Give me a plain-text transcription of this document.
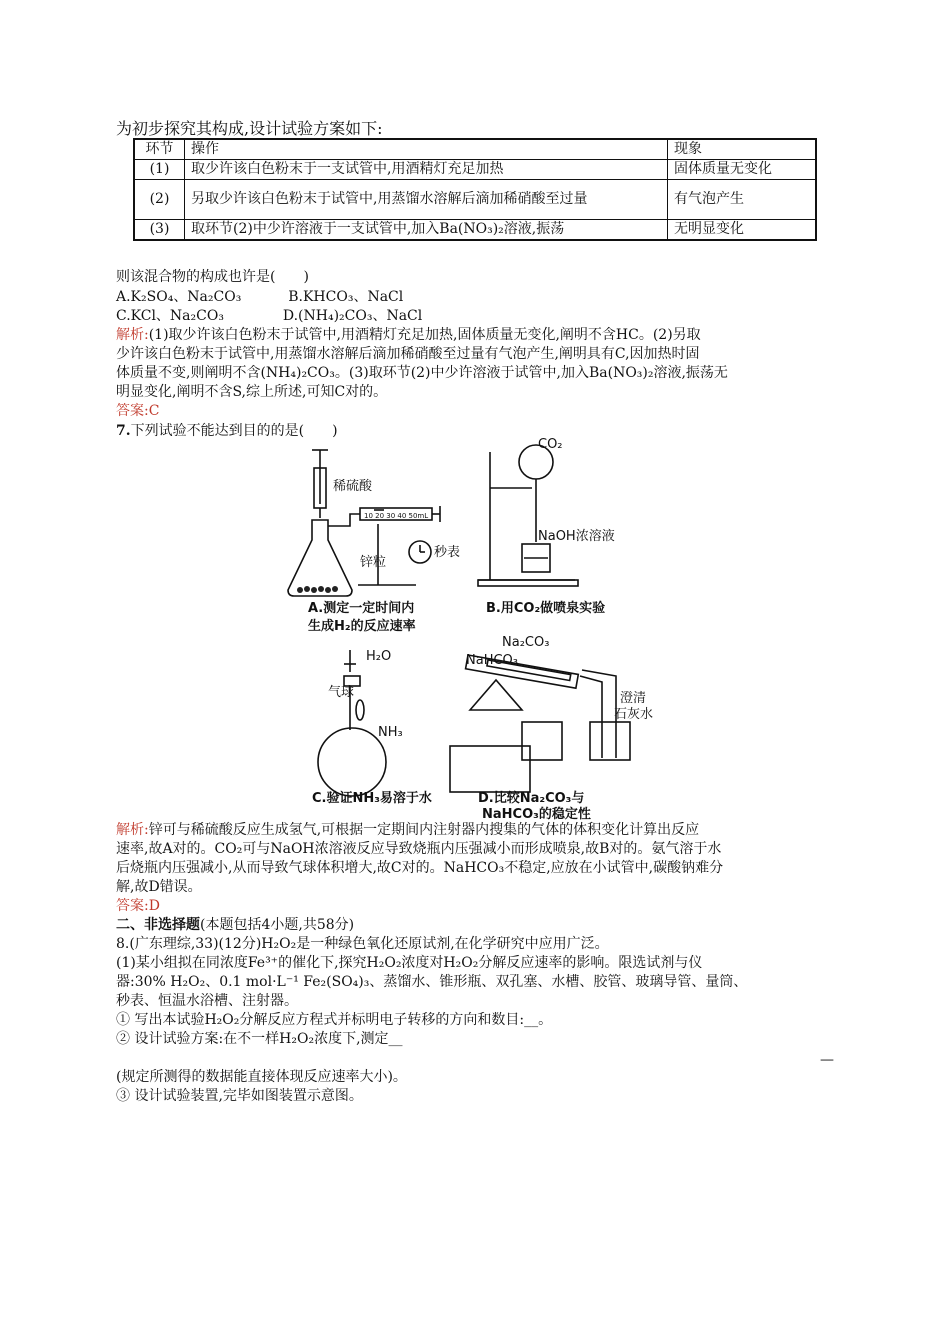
为初步探究其构成,设计试验方案如下:
环节	操作	现象
(1)	取少许该白色粉末于一支试管中,用酒精灯充足加热	固体质量无变化
(2)	另取少许该白色粉末于试管中,用蒸馏水溶解后滴加稀硝酸至过量	有气泡产生
(3)	取环节(2)中少许溶液于一支试管中,加入Ba(NO₃)₂溶液,振荡	无明显变化
则该混合物的构成也许是(　　)
A.K₂SO₄、Na₂CO₃	B.KHCO₃、NaCl
C.KCl、Na₂CO₃	D.(NH₄)₂CO₃、NaCl
解析:(1)取少许该白色粉末于试管中,用酒精灯充足加热,固体质量无变化,阐明不含HC。(2)另取
少许该白色粉末于试管中,用蒸馏水溶解后滴加稀硝酸至过量有气泡产生,阐明具有C,因加热时固
体质量不变,则阐明不含(NH₄)₂CO₃。(3)取环节(2)中少许溶液于试管中,加入Ba(NO₃)₂溶液,振荡无
明显变化,阐明不含S,综上所述,可知C对的。
答案:C
7.下列试验不能达到目的的是(　　)
稀硫酸
锌粒
秒表
10 20 30 40 50mL
A.测定一定时间内
生成H₂的反应速率
CO₂
NaOH浓溶液
B.用CO₂做喷泉实验
H₂O
气球
NH₃
C.验证NH₃易溶于水
Na₂CO₃
NaHCO₃
澄清
石灰水
D.比较Na₂CO₃与
NaHCO₃的稳定性
解析:锌可与稀硫酸反应生成氢气,可根据一定期间内注射器内搜集的气体的体积变化计算出反应
速率,故A对的。CO₂可与NaOH浓溶液反应导致烧瓶内压强减小而形成喷泉,故B对的。氨气溶于水
后烧瓶内压强减小,从而导致气球体积增大,故C对的。NaHCO₃不稳定,应放在小试管中,碳酸钠难分
解,故D错误。
答案:D
二、非选择题(本题包括4小题,共58分)
8.(广东理综,33)(12分)H₂O₂是一种绿色氧化还原试剂,在化学研究中应用广泛。
(1)某小组拟在同浓度Fe³⁺的催化下,探究H₂O₂浓度对H₂O₂分解反应速率的影响。限选试剂与仪
器:30% H₂O₂、0.1 mol·L⁻¹ Fe₂(SO₄)₃、蒸馏水、锥形瓶、双孔塞、水槽、胶管、玻璃导管、量筒、
秒表、恒温水浴槽、注射器。
① 写出本试验H₂O₂分解反应方程式并标明电子转移的方向和数目:__。
② 设计试验方案:在不一样H₂O₂浓度下,测定__
—
(规定所测得的数据能直接体现反应速率大小)。
③ 设计试验装置,完毕如图装置示意图。
